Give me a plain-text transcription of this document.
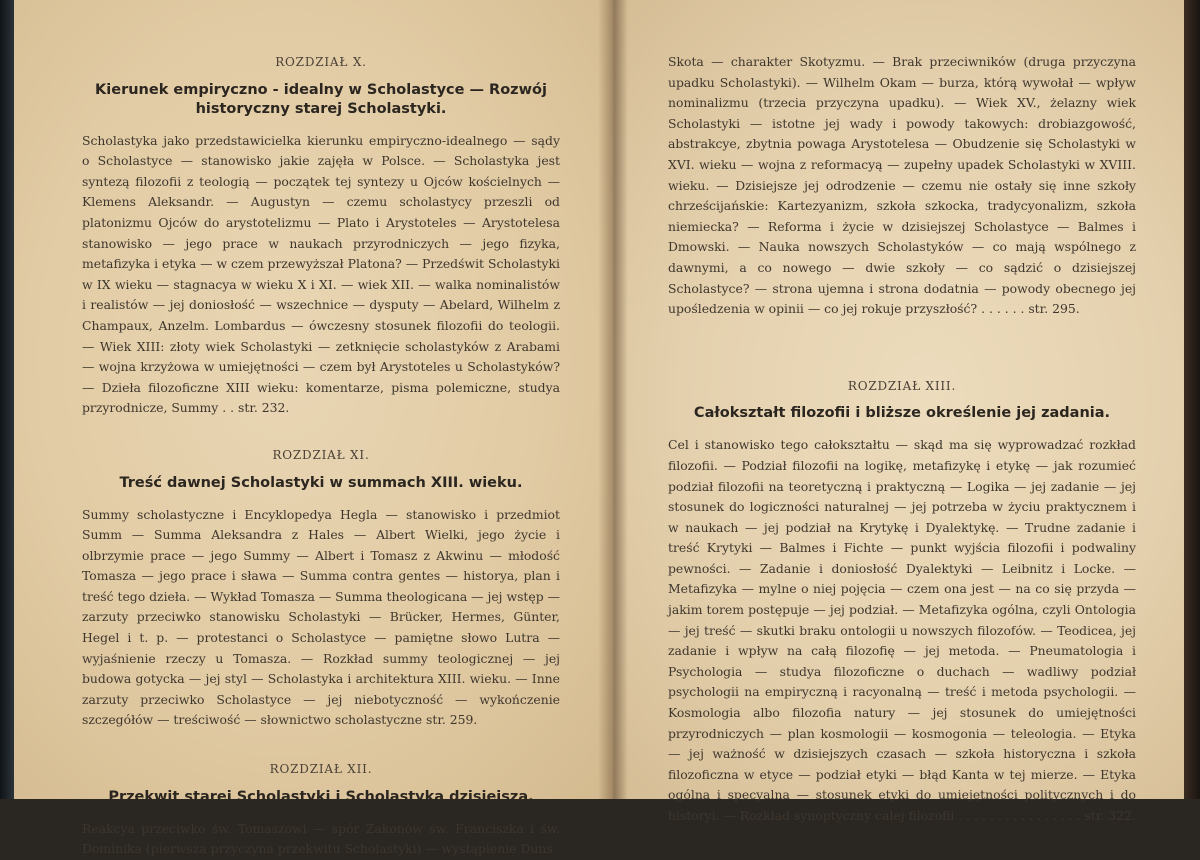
ROZDZIAŁ X.

Kierunek empiryczno - idealny w Scholastyce — Rozwój historyczny starej Scholastyki.

Scholastyka jako przedstawicielka kierunku empiryczno-idealnego — sądy o Scholastyce — stanowisko jakie zajęła w Polsce. — Scholastyka jest syntezą filozofii z teologią — początek tej syntezy u Ojców kościelnych — Klemens Aleksandr. — Augustyn — czemu scholastycy przeszli od platonizmu Ojców do arystotelizmu — Plato i Arystoteles — Arystotelesa stanowisko — jego prace w naukach przyrodniczych — jego fizyka, metafizyka i etyka — w czem przewyższał Platona? — Przedświt Scholastyki w IX wieku — stagnacya w wieku X i XI. — wiek XII. — walka nominalistów i realistów — jej doniosłość — wszechnice — dysputy — Abelard, Wilhelm z Champaux, Anzelm. Lombardus — ówczesny stosunek filozofii do teologii. — Wiek XIII: złoty wiek Scholastyki — zetknięcie scholastyków z Arabami — wojna krzyżowa w umiejętności — czem był Arystoteles u Scholastyków? — Dzieła filozoficzne XIII wieku: komentarze, pisma polemiczne, studya przyrodnicze, Summy . . str. 232.

ROZDZIAŁ XI.

Treść dawnej Scholastyki w summach XIII. wieku.

Summy scholastyczne i Encyklopedya Hegla — stanowisko i przedmiot Summ — Summa Aleksandra z Hales — Albert Wielki, jego życie i olbrzymie prace — jego Summy — Albert i Tomasz z Akwinu — młodość Tomasza — jego prace i sława — Summa contra gentes — historya, plan i treść tego dzieła. — Wykład Tomasza — Summa theologicana — jej wstęp — zarzuty przeciwko stanowisku Scholastyki — Brücker, Hermes, Günter, Hegel i t. p. — protestanci o Scholastyce — pamiętne słowo Lutra — wyjaśnienie rzeczy u Tomasza. — Rozkład summy teologicznej — jej budowa gotycka — jej styl — Scholastyka i architektura XIII. wieku. — Inne zarzuty przeciwko Scholastyce — jej niebotyczność — wykończenie szczegółów — treściwość — słownictwo scholastyczne str. 259.

ROZDZIAŁ XII.

Przekwit starej Scholastyki i Scholastyka dzisiejsza.

Reakcya przeciwko św. Tomaszowi — spór Zakonów św. Franciszka i św. Dominika (pierwsza przyczyna przekwitu Scholastyki) — wystąpienie Duns

Skota — charakter Skotyzmu. — Brak przeciwników (druga przyczyna upadku Scholastyki). — Wilhelm Okam — burza, którą wywołał — wpływ nominalizmu (trzecia przyczyna upadku). — Wiek XV., żelazny wiek Scholastyki — istotne jej wady i powody takowych: drobiazgowość, abstrakcye, zbytnia powaga Arystotelesa — Obudzenie się Scholastyki w XVI. wieku — wojna z reformacyą — zupełny upadek Scholastyki w XVIII. wieku. — Dzisiejsze jej odrodzenie — czemu nie ostały się inne szkoły chrześcijańskie: Kartezyanizm, szkoła szkocka, tradycyonalizm, szkoła niemiecka? — Reforma i życie w dzisiejszej Scholastyce — Balmes i Dmowski. — Nauka nowszych Scholastyków — co mają wspólnego z dawnymi, a co nowego — dwie szkoły — co sądzić o dzisiejszej Scholastyce? — strona ujemna i strona dodatnia — powody obecnego jej upośledzenia w opinii — co jej rokuje przyszłość? . . . . . . str. 295.

ROZDZIAŁ XIII.

Całokształt filozofii i bliższe określenie jej zadania.

Cel i stanowisko tego całokształtu — skąd ma się wyprowadzać rozkład filozofii. — Podział filozofii na logikę, metafizykę i etykę — jak rozumieć podział filozofii na teoretyczną i praktyczną — Logika — jej zadanie — jej stosunek do logiczności naturalnej — jej potrzeba w życiu praktycznem i w naukach — jej podział na Krytykę i Dyalektykę. — Trudne zadanie i treść Krytyki — Balmes i Fichte — punkt wyjścia filozofii i podwaliny pewności. — Zadanie i doniosłość Dyalektyki — Leibnitz i Locke. — Metafizyka — mylne o niej pojęcia — czem ona jest — na co się przyda — jakim torem postępuje — jej podział. — Metafizyka ogólna, czyli Ontologia — jej treść — skutki braku ontologii u nowszych filozofów. — Teodicea, jej zadanie i wpływ na całą filozofię — jej metoda. — Pneumatologia i Psychologia — studya filozoficzne o duchach — wadliwy podział psychologii na empiryczną i racyonalną — treść i metoda psychologii. — Kosmologia albo filozofia natury — jej stosunek do umiejętności przyrodniczych — plan kosmologii — kosmogonia — teleologia. — Etyka — jej ważność w dzisiejszych czasach — szkoła historyczna i szkoła filozoficzna w etyce — podział etyki — błąd Kanta w tej mierze. — Etyka ogólna i specyalna — stosunek etyki do umiejętności politycznych i do historyi. — Rozkład synoptyczny całej filozofii . . . . . . . . . . . . . . . . str. 322.
